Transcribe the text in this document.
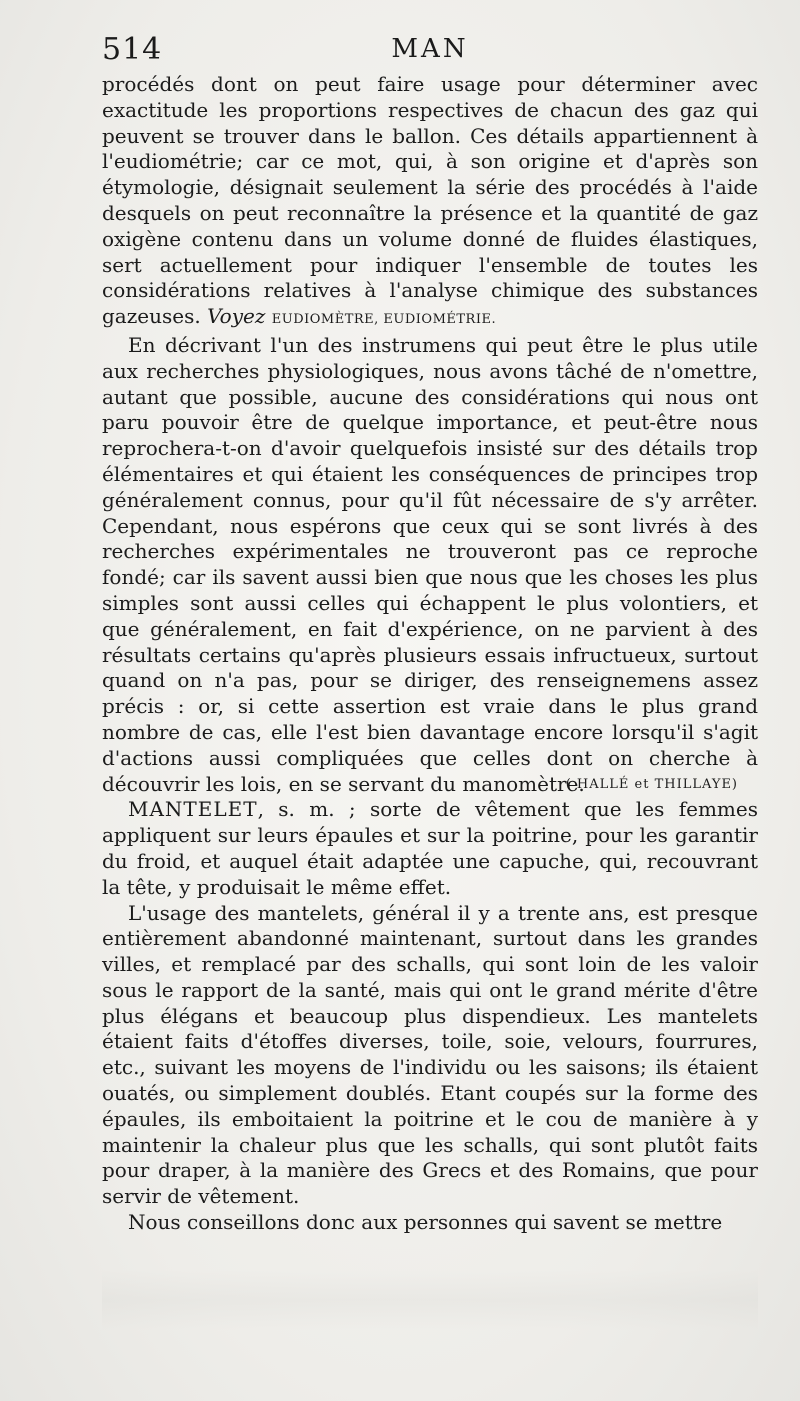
514	MAN

procédés dont on peut faire usage pour déterminer avec exactitude les proportions respectives de chacun des gaz qui peuvent se trouver dans le ballon. Ces détails appartiennent à l'eudiométrie; car ce mot, qui, à son origine et d'après son étymologie, désignait seulement la série des procédés à l'aide desquels on peut reconnaître la présence et la quantité de gaz oxigène contenu dans un volume donné de fluides élastiques, sert actuellement pour indiquer l'ensemble de toutes les considérations relatives à l'analyse chimique des substances gazeuses. Voyez EUDIOMÈTRE, EUDIOMÉTRIE.

En décrivant l'un des instrumens qui peut être le plus utile aux recherches physiologiques, nous avons tâché de n'omettre, autant que possible, aucune des considérations qui nous ont paru pouvoir être de quelque importance, et peut-être nous reprochera-t-on d'avoir quelquefois insisté sur des détails trop élémentaires et qui étaient les conséquences de principes trop généralement connus, pour qu'il fût nécessaire de s'y arrêter. Cependant, nous espérons que ceux qui se sont livrés à des recherches expérimentales ne trouveront pas ce reproche fondé; car ils savent aussi bien que nous que les choses les plus simples sont aussi celles qui échappent le plus volontiers, et que généralement, en fait d'expérience, on ne parvient à des résultats certains qu'après plusieurs essais infructueux, surtout quand on n'a pas, pour se diriger, des renseignemens assez précis : or, si cette assertion est vraie dans le plus grand nombre de cas, elle l'est bien davantage encore lorsqu'il s'agit d'actions aussi compliquées que celles dont on cherche à découvrir les lois, en se servant du manomètre.

( HALLÉ et THILLAYE)

MANTELET, s. m. ; sorte de vêtement que les femmes appliquent sur leurs épaules et sur la poitrine, pour les garantir du froid, et auquel était adaptée une capuche, qui, recouvrant la tête, y produisait le même effet.

L'usage des mantelets, général il y a trente ans, est presque entièrement abandonné maintenant, surtout dans les grandes villes, et remplacé par des schalls, qui sont loin de les valoir sous le rapport de la santé, mais qui ont le grand mérite d'être plus élégans et beaucoup plus dispendieux. Les mantelets étaient faits d'étoffes diverses, toile, soie, velours, fourrures, etc., suivant les moyens de l'individu ou les saisons; ils étaient ouatés, ou simplement doublés. Etant coupés sur la forme des épaules, ils emboitaient la poitrine et le cou de manière à y maintenir la chaleur plus que les schalls, qui sont plutôt faits pour draper, à la manière des Grecs et des Romains, que pour servir de vêtement.

Nous conseillons donc aux personnes qui savent se mettre
